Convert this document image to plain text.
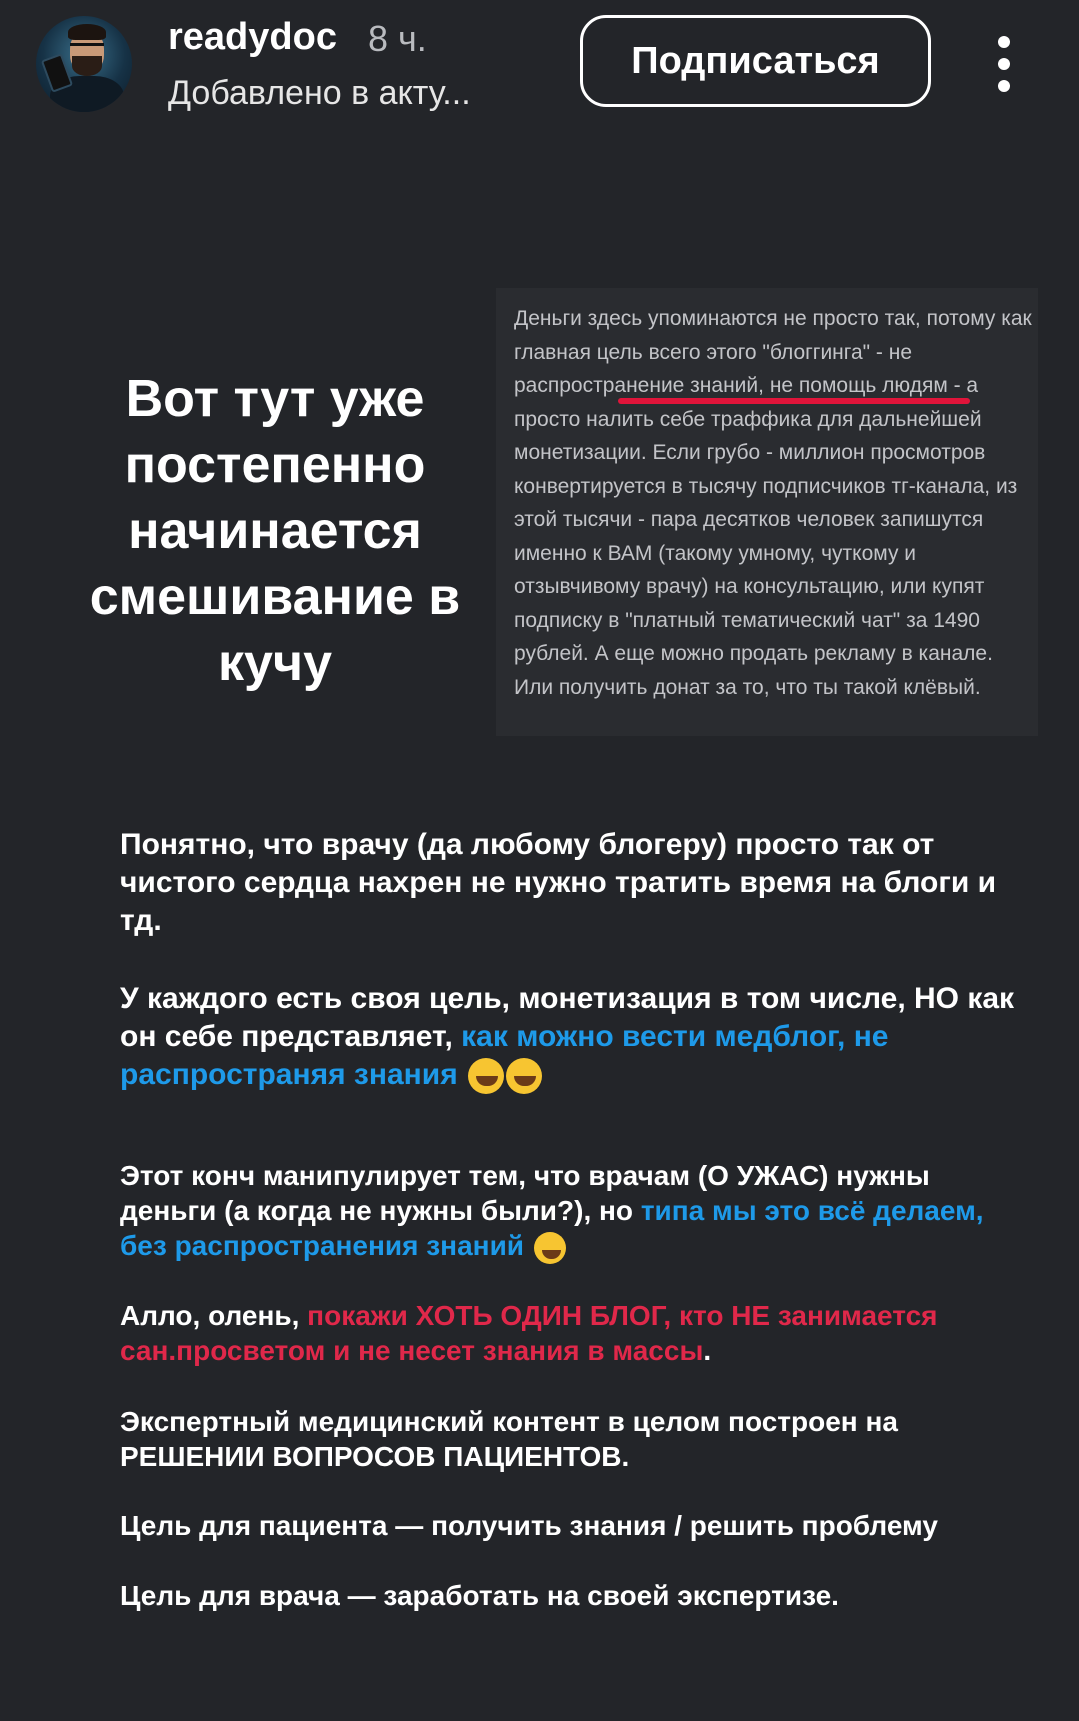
readydoc 8 ч.
Добавлено в акту...
Подписаться
Вот тут уже постепенно начинается смешивание в кучу
Деньги здесь упоминаются не просто так, потому как главная цель всего этого "блоггинга" - не распространение знаний, не помощь людям - а просто налить себе траффика для дальнейшей монетизации. Если грубо - миллион просмотров конвертируется в тысячу подписчиков тг-канала, из этой тысячи - пара десятков человек запишутся именно к ВАМ (такому умному, чуткому и отзывчивому врачу) на консультацию, или купят подписку в "платный тематический чат" за 1490 рублей. А еще можно продать рекламу в канале. Или получить донат за то, что ты такой клёвый.
Понятно, что врачу (да любому блогеру) просто так от чистого сердца нахрен не нужно тратить время на блоги и тд.
У каждого есть своя цель, монетизация в том числе, НО как он себе представляет, как можно вести медблог, не распространяя знания
Этот конч манипулирует тем, что врачам (О УЖАС) нужны деньги (а когда не нужны были?), но типа мы это всё делаем, без распространения знаний
Алло, олень, покажи ХОТЬ ОДИН БЛОГ, кто НЕ занимается сан.просветом и не несет знания в массы.
Экспертный медицинский контент в целом построен на РЕШЕНИИ ВОПРОСОВ ПАЦИЕНТОВ.
Цель для пациента — получить знания / решить проблему
Цель для врача — заработать на своей экспертизе.
